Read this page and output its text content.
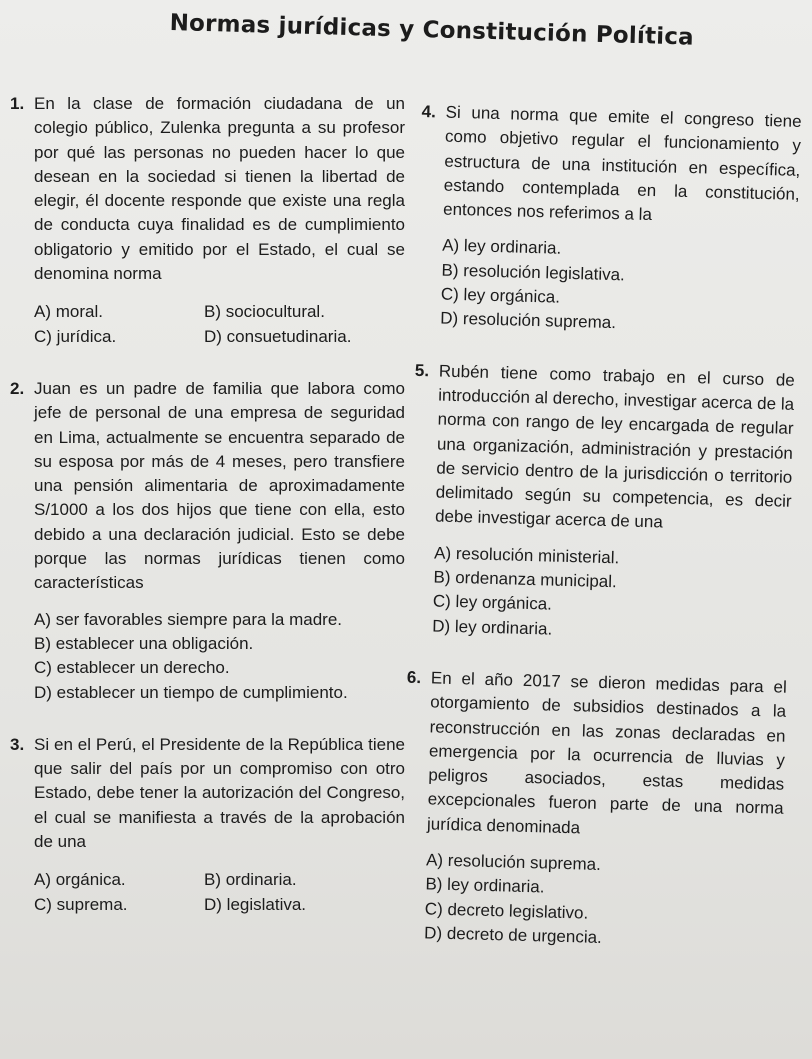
Normas jurídicas y Constitución Política
1. En la clase de formación ciudadana de un colegio público, Zulenka pregunta a su profesor por qué las personas no pueden hacer lo que desean en la sociedad si tienen la libertad de elegir, él docente responde que existe una regla de conducta cuya finalidad es de cumplimiento obligatorio y emitido por el Estado, el cual se denomina norma
A) moral.	B) sociocultural.
C) jurídica.	D) consuetudinaria.
2. Juan es un padre de familia que labora como jefe de personal de una empresa de seguridad en Lima, actualmente se encuentra separado de su esposa por más de 4 meses, pero transfiere una pensión alimentaria de aproximadamente S/1000 a los dos hijos que tiene con ella, esto debido a una declaración judicial. Esto se debe porque las normas jurídicas tienen como características
A) ser favorables siempre para la madre.
B) establecer una obligación.
C) establecer un derecho.
D) establecer un tiempo de cumplimiento.
3. Si en el Perú, el Presidente de la República tiene que salir del país por un compromiso con otro Estado, debe tener la autorización del Congreso, el cual se manifiesta a través de la aprobación de una
A) orgánica.	B) ordinaria.
C) suprema.	D) legislativa.
4. Si una norma que emite el congreso tiene como objetivo regular el funcionamiento y estructura de una institución en específica, estando contemplada en la constitución, entonces nos referimos a la
A) ley ordinaria.
B) resolución legislativa.
C) ley orgánica.
D) resolución suprema.
5. Rubén tiene como trabajo en el curso de introducción al derecho, investigar acerca de la norma con rango de ley encargada de regular una organización, administración y prestación de servicio dentro de la jurisdicción o territorio delimitado según su competencia, es decir debe investigar acerca de una
A) resolución ministerial.
B) ordenanza municipal.
C) ley orgánica.
D) ley ordinaria.
6. En el año 2017 se dieron medidas para el otorgamiento de subsidios destinados a la reconstrucción en las zonas declaradas en emergencia por la ocurrencia de lluvias y peligros asociados, estas medidas excepcionales fueron parte de una norma jurídica denominada
A) resolución suprema.
B) ley ordinaria.
C) decreto legislativo.
D) decreto de urgencia.
